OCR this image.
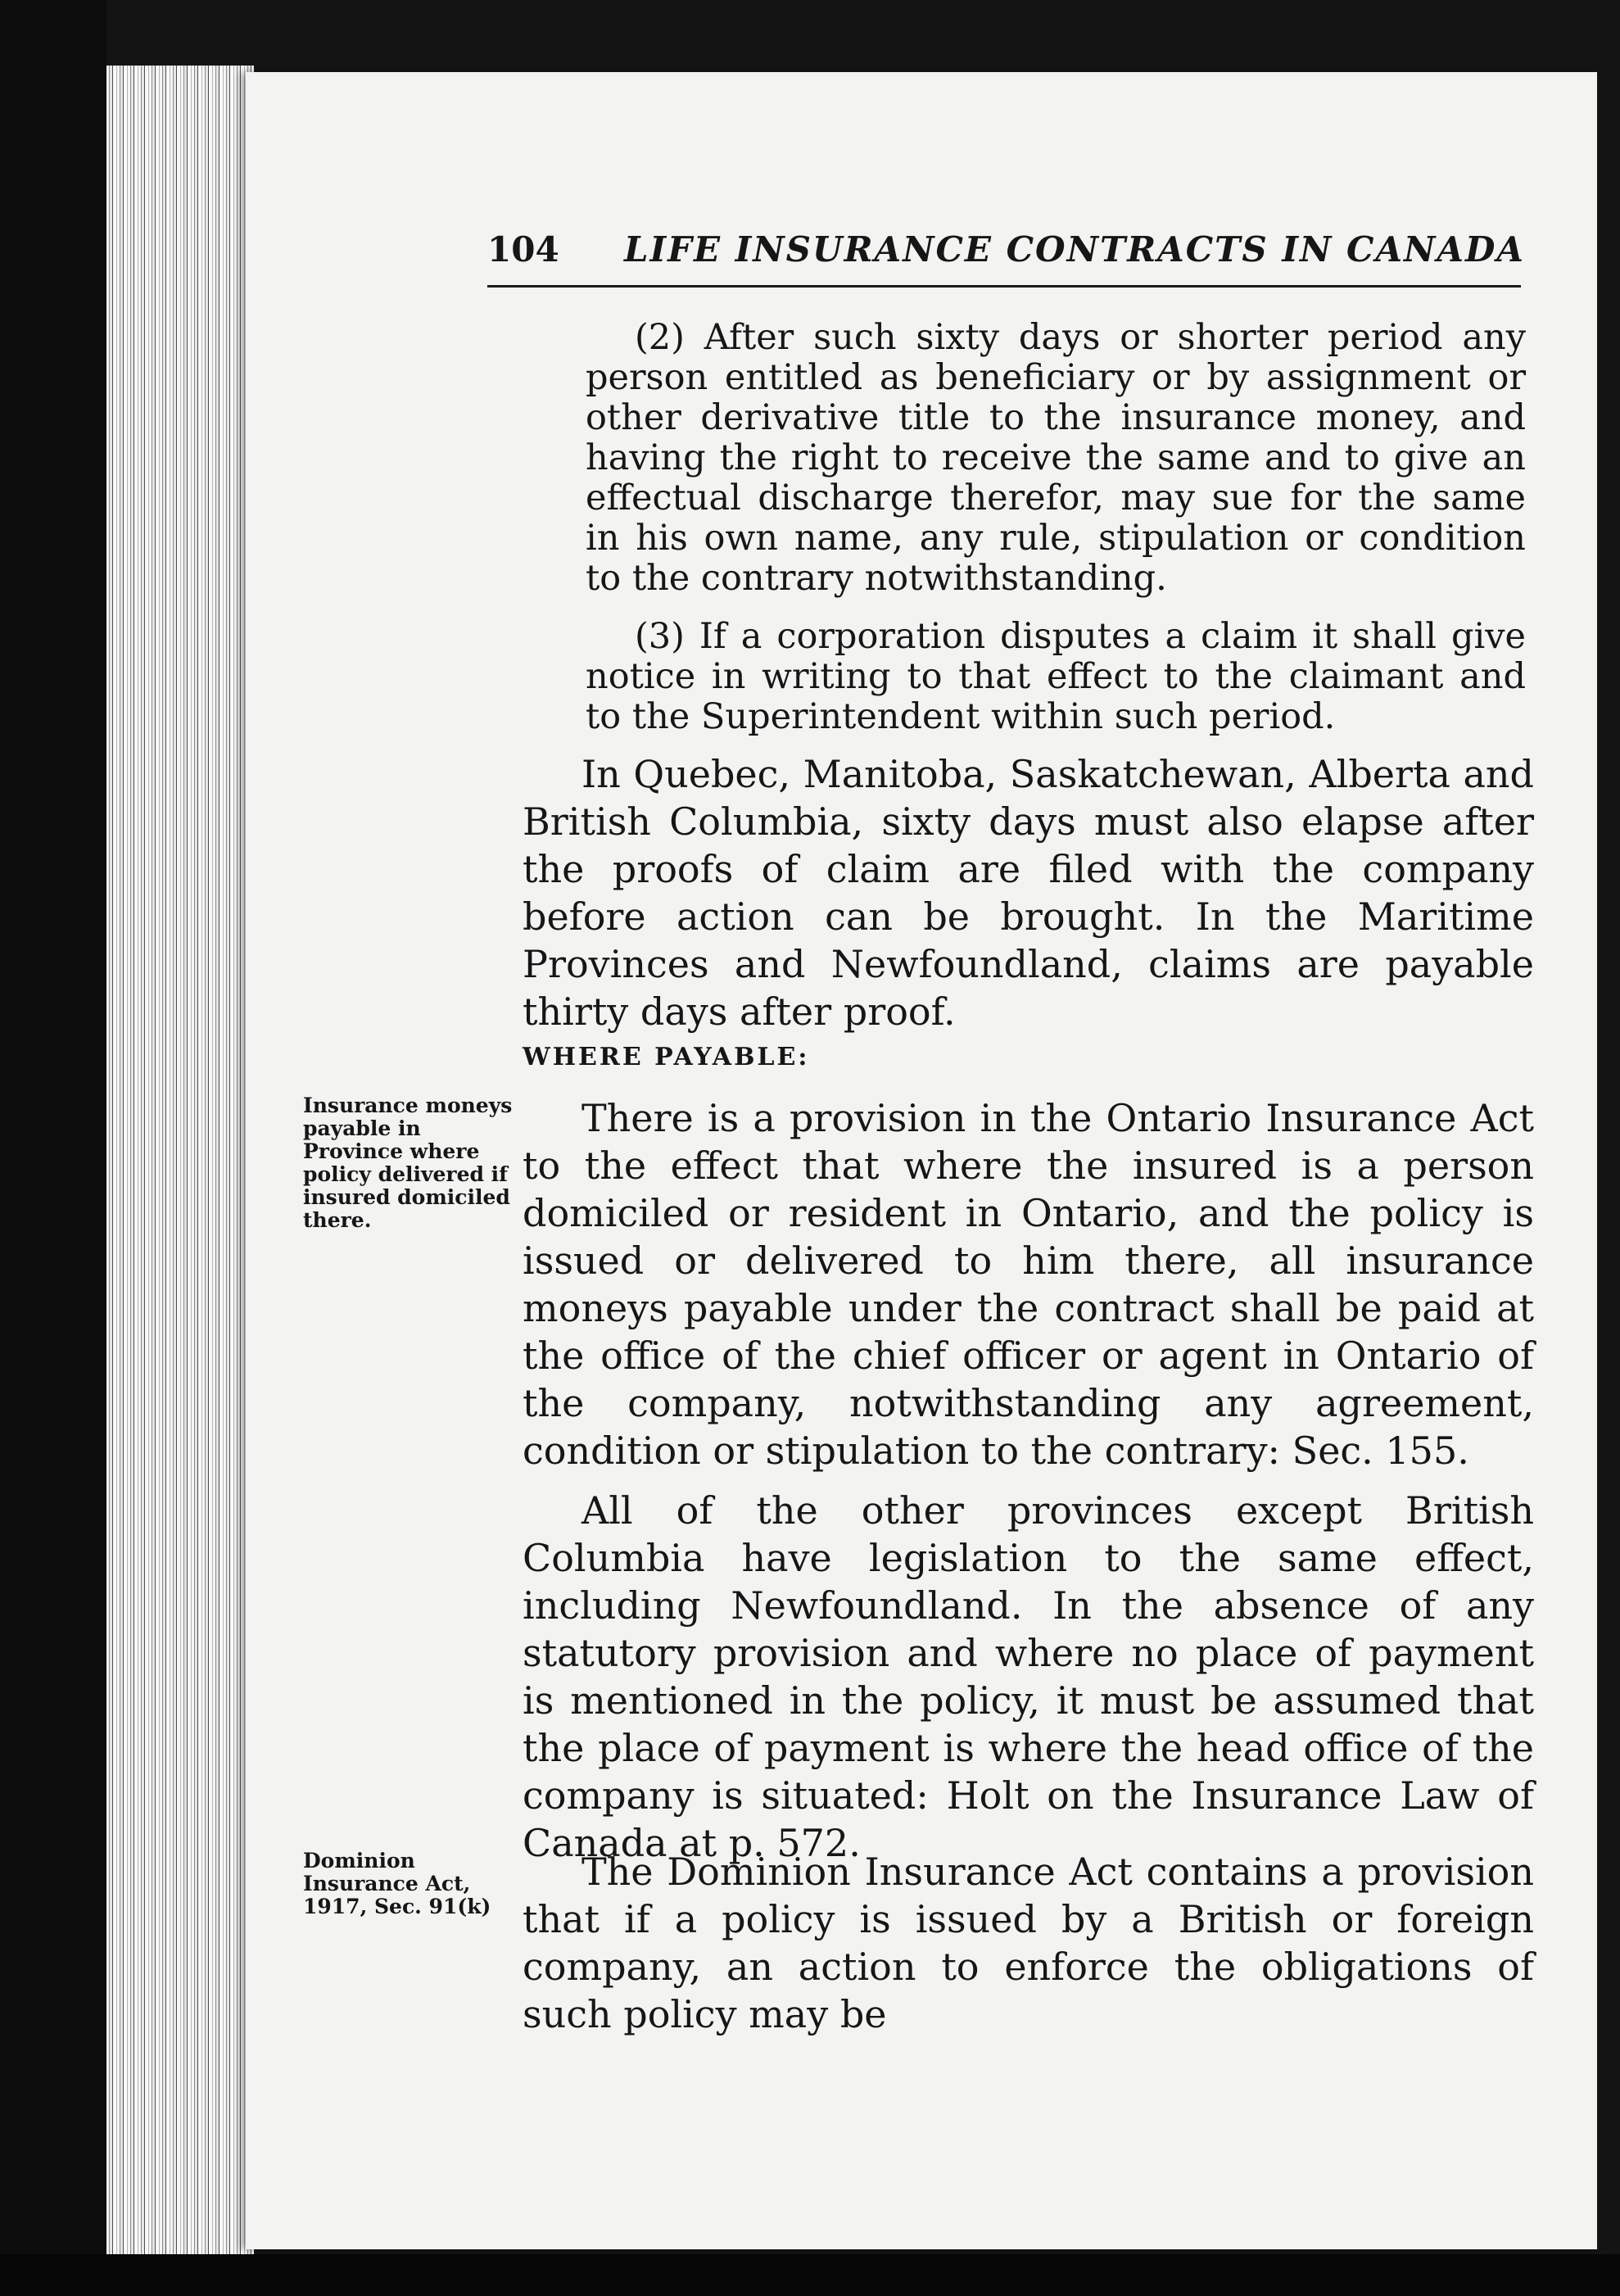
104 LIFE INSURANCE CONTRACTS IN CANADA

(2) After such sixty days or shorter period any person entitled as beneficiary or by assignment or other derivative title to the insurance money, and having the right to receive the same and to give an effectual discharge therefor, may sue for the same in his own name, any rule, stipulation or condition to the contrary notwithstanding.

(3) If a corporation disputes a claim it shall give notice in writing to that effect to the claimant and to the Superintendent within such period.

In Quebec, Manitoba, Saskatchewan, Alberta and British Columbia, sixty days must also elapse after the proofs of claim are filed with the company before action can be brought. In the Maritime Provinces and Newfoundland, claims are payable thirty days after proof.

WHERE PAYABLE:
Insurance moneys payable in Province where policy delivered if insured domiciled there.

There is a provision in the Ontario Insurance Act to the effect that where the insured is a person domiciled or resident in Ontario, and the policy is issued or delivered to him there, all insurance moneys payable under the contract shall be paid at the office of the chief officer or agent in Ontario of the company, notwithstanding any agreement, condition or stipulation to the contrary: Sec. 155.

All of the other provinces except British Columbia have legislation to the same effect, including Newfoundland. In the absence of any statutory provision and where no place of payment is mentioned in the policy, it must be assumed that the place of payment is where the head office of the company is situated: Holt on the Insurance Law of Canada at p. 572.

Dominion Insurance Act, 1917, Sec. 91(k)

The Dominion Insurance Act contains a provision that if a policy is issued by a British or foreign company, an action to enforce the obligations of such policy may be
